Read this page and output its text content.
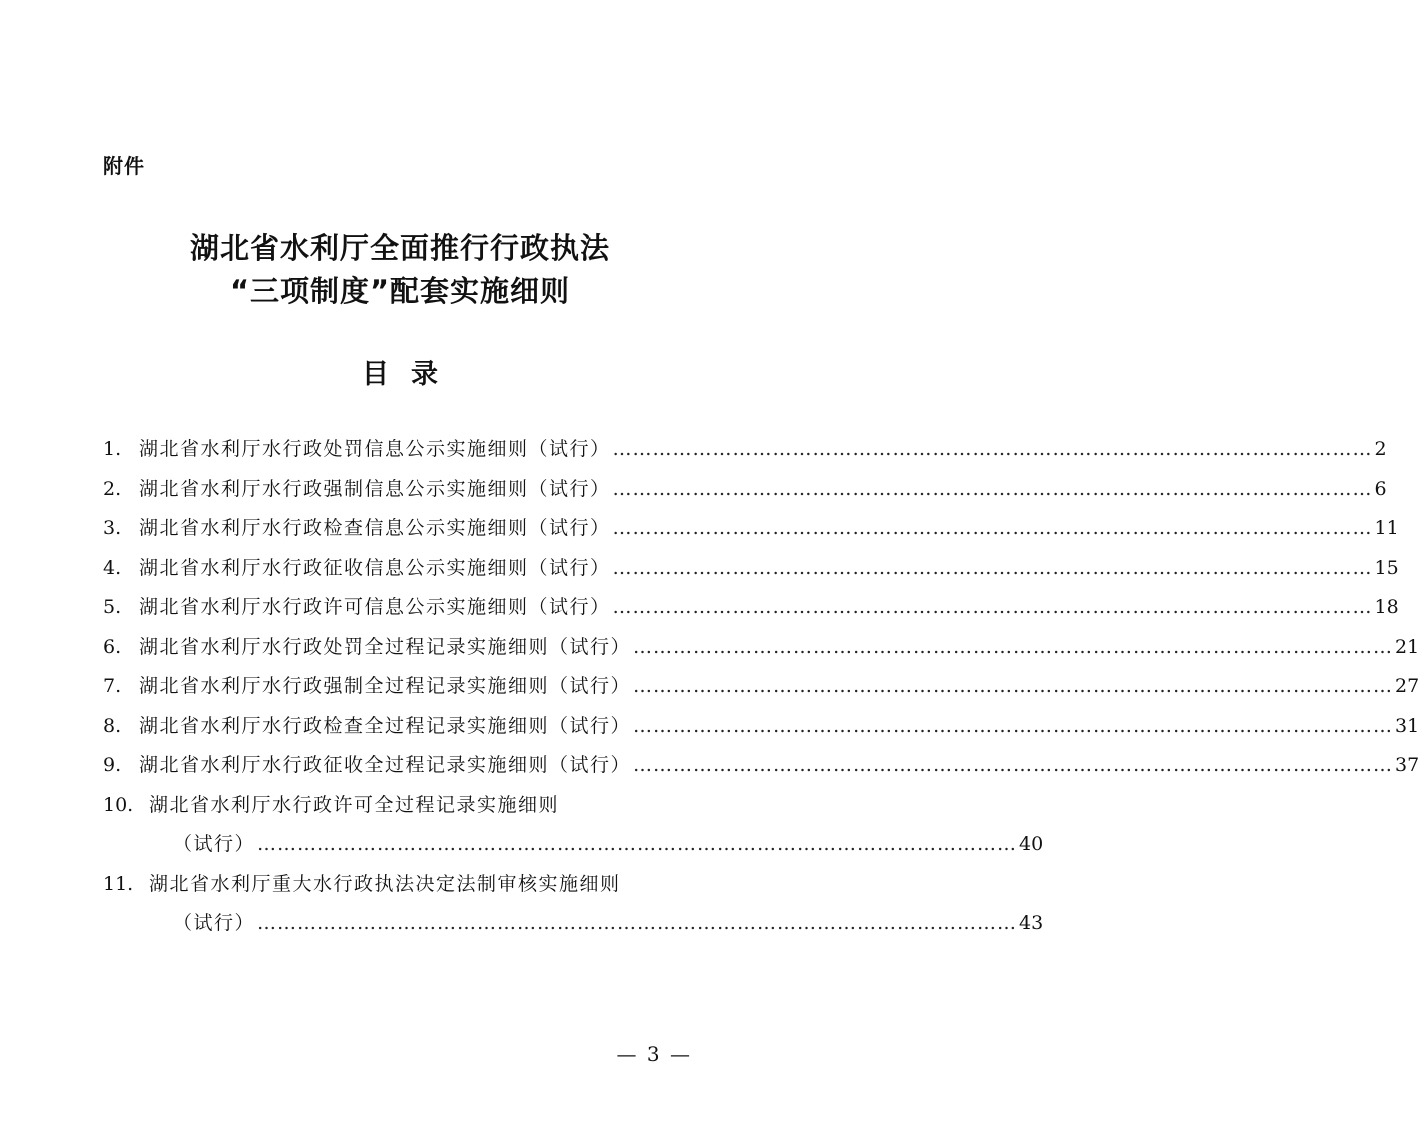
附件
湖北省水利厅全面推行行政执法
“三项制度”配套实施细则
目录
1. 湖北省水利厅水行政处罚信息公示实施细则（试行） …………………………………………………………………………………………………… 2
2. 湖北省水利厅水行政强制信息公示实施细则（试行） …………………………………………………………………………………………………… 6
3. 湖北省水利厅水行政检查信息公示实施细则（试行） …………………………………………………………………………………………………… 11
4. 湖北省水利厅水行政征收信息公示实施细则（试行） …………………………………………………………………………………………………… 15
5. 湖北省水利厅水行政许可信息公示实施细则（试行） …………………………………………………………………………………………………… 18
6. 湖北省水利厅水行政处罚全过程记录实施细则（试行） …………………………………………………………………………………………………… 21
7. 湖北省水利厅水行政强制全过程记录实施细则（试行） …………………………………………………………………………………………………… 27
8. 湖北省水利厅水行政检查全过程记录实施细则（试行） …………………………………………………………………………………………………… 31
9. 湖北省水利厅水行政征收全过程记录实施细则（试行） …………………………………………………………………………………………………… 37
10. 湖北省水利厅水行政许可全过程记录实施细则
（试行） …………………………………………………………………………………………………… 40
11. 湖北省水利厅重大水行政执法决定法制审核实施细则
（试行） …………………………………………………………………………………………………… 43
— 3 —
